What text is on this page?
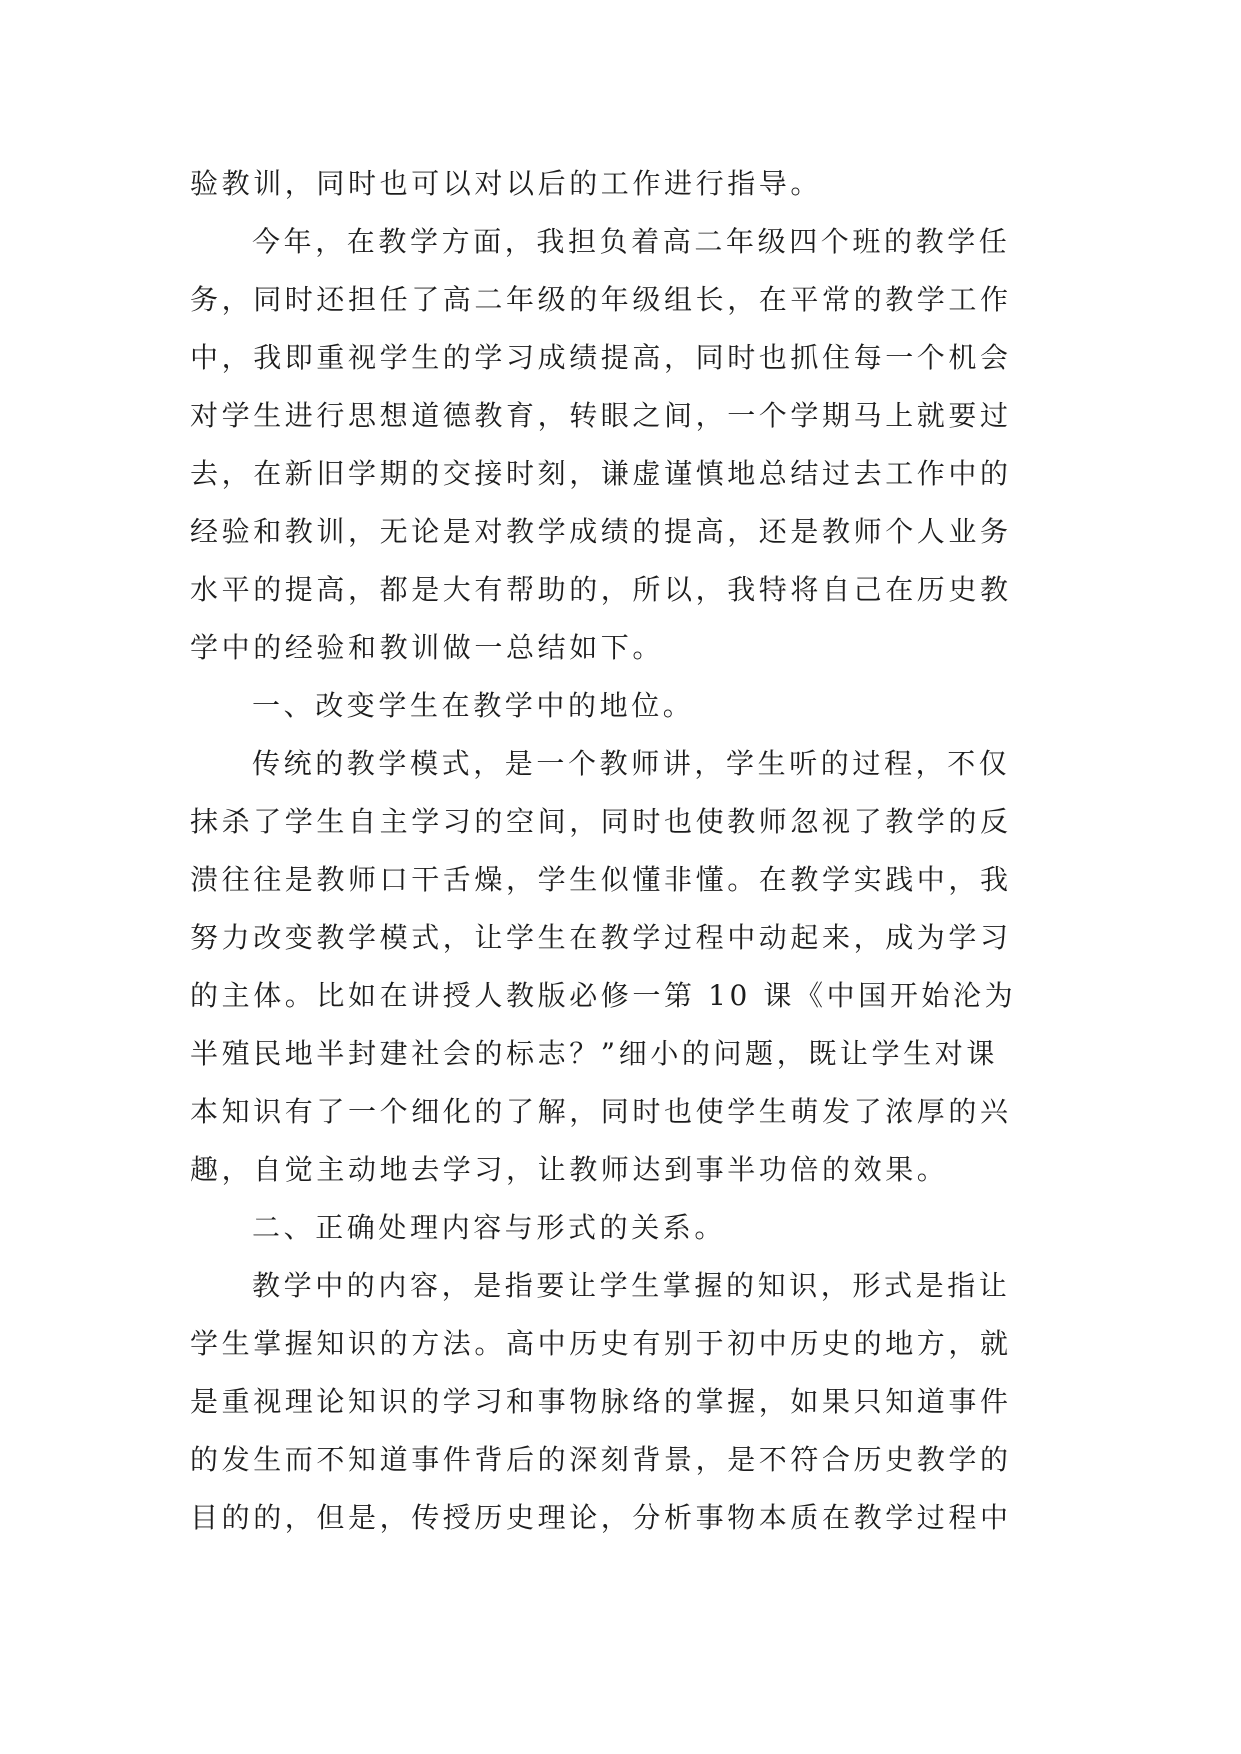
验教训，同时也可以对以后的工作进行指导。
今年，在教学方面，我担负着高二年级四个班的教学任
务，同时还担任了高二年级的年级组长，在平常的教学工作
中，我即重视学生的学习成绩提高，同时也抓住每一个机会
对学生进行思想道德教育，转眼之间，一个学期马上就要过
去，在新旧学期的交接时刻，谦虚谨慎地总结过去工作中的
经验和教训，无论是对教学成绩的提高，还是教师个人业务
水平的提高，都是大有帮助的，所以，我特将自己在历史教
学中的经验和教训做一总结如下。
一、改变学生在教学中的地位。
传统的教学模式，是一个教师讲，学生听的过程，不仅
抹杀了学生自主学习的空间，同时也使教师忽视了教学的反
溃往往是教师口干舌燥，学生似懂非懂。在教学实践中，我
努力改变教学模式，让学生在教学过程中动起来，成为学习
的主体。比如在讲授人教版必修一第 10 课《中国开始沦为
半殖民地半封建社会的标志？”细小的问题，既让学生对课
本知识有了一个细化的了解，同时也使学生萌发了浓厚的兴
趣，自觉主动地去学习，让教师达到事半功倍的效果。
二、正确处理内容与形式的关系。
教学中的内容，是指要让学生掌握的知识，形式是指让
学生掌握知识的方法。高中历史有别于初中历史的地方，就
是重视理论知识的学习和事物脉络的掌握，如果只知道事件
的发生而不知道事件背后的深刻背景，是不符合历史教学的
目的的，但是，传授历史理论，分析事物本质在教学过程中
